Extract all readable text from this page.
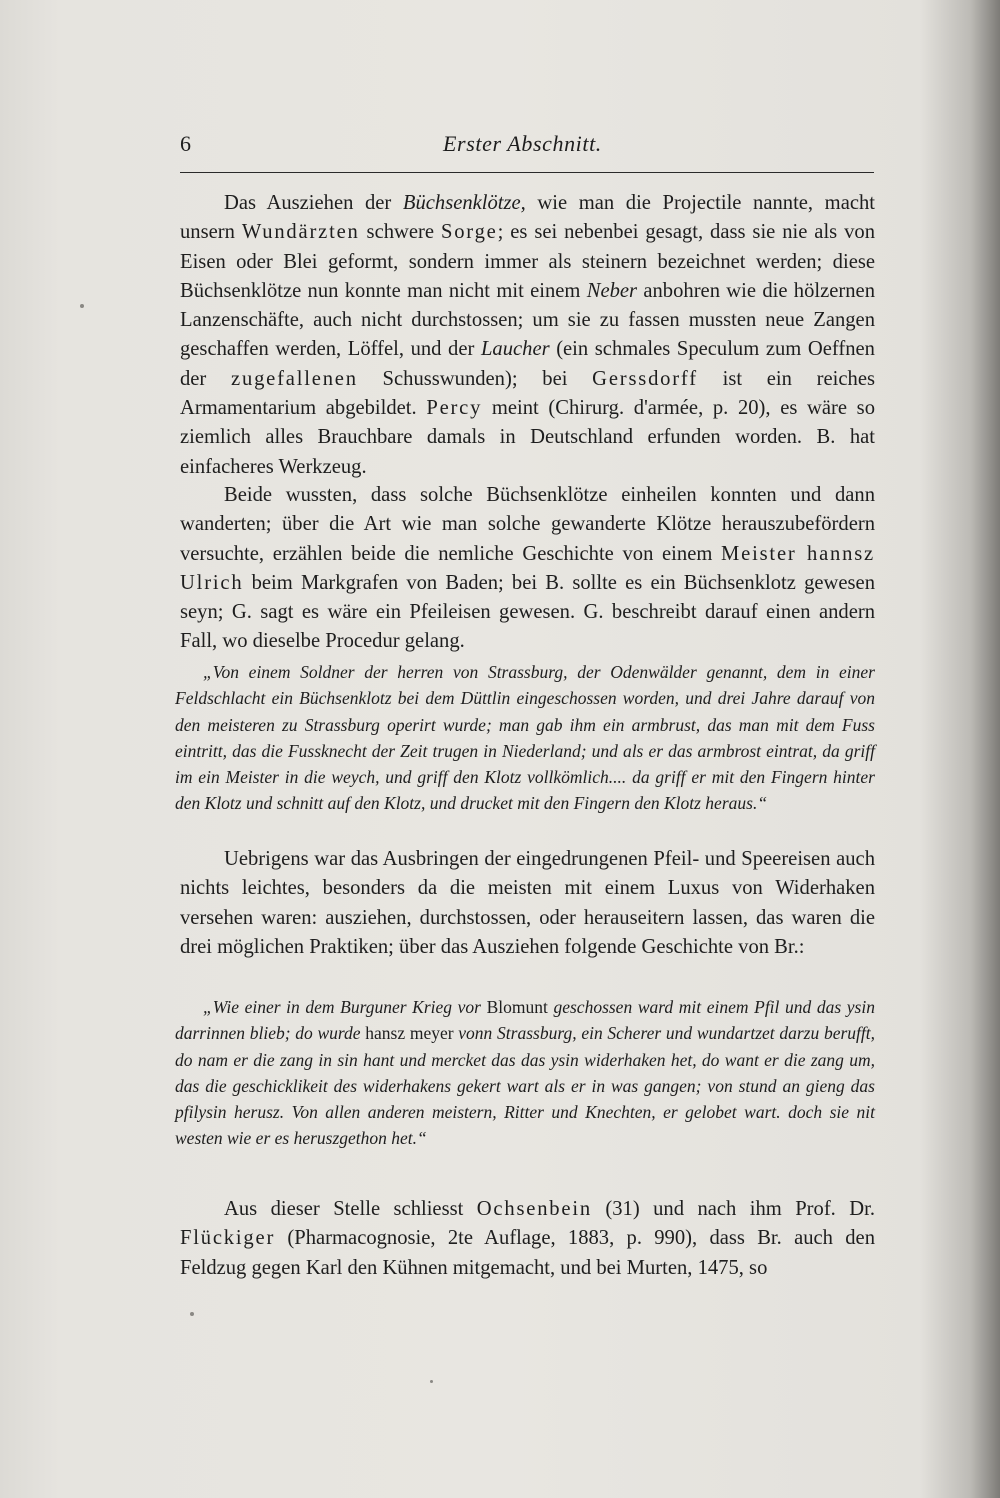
6	Erster Abschnitt.
Das Ausziehen der Büchsenklötze, wie man die Projectile nannte, macht unsern Wundärzten schwere Sorge; es sei nebenbei gesagt, dass sie nie als von Eisen oder Blei geformt, sondern immer als steinern bezeichnet werden; diese Büchsenklötze nun konnte man nicht mit einem Neber anbohren wie die hölzernen Lanzenschäfte, auch nicht durchstossen; um sie zu fassen mussten neue Zangen geschaffen werden, Löffel, und der Laucher (ein schmales Speculum zum Oeffnen der zugefallenen Schusswunden); bei Gerssdorff ist ein reiches Armamentarium abgebildet. Percy meint (Chirurg. d'armée, p. 20), es wäre so ziemlich alles Brauchbare damals in Deutschland erfunden worden. B. hat einfacheres Werkzeug.
Beide wussten, dass solche Büchsenklötze einheilen konnten und dann wanderten; über die Art wie man solche gewanderte Klötze herauszubefördern versuchte, erzählen beide die nemliche Geschichte von einem Meister hannsz Ulrich beim Markgrafen von Baden; bei B. sollte es ein Büchsenklotz gewesen seyn; G. sagt es wäre ein Pfeileisen gewesen. G. beschreibt darauf einen andern Fall, wo dieselbe Procedur gelang.
„Von einem Soldner der herren von Strassburg, der Odenwälder genannt, dem in einer Feldschlacht ein Büchsenklotz bei dem Düttlin eingeschossen worden, und drei Jahre darauf von den meisteren zu Strassburg operirt wurde; man gab ihm ein armbrust, das man mit dem Fuss eintritt, das die Fussknecht der Zeit trugen in Niederland; und als er das armbrost eintrat, da griff im ein Meister in die weych, und griff den Klotz vollkömlich.... da griff er mit den Fingern hinter den Klotz und schnitt auf den Klotz, und drucket mit den Fingern den Klotz heraus.“
Uebrigens war das Ausbringen der eingedrungenen Pfeil- und Speereisen auch nichts leichtes, besonders da die meisten mit einem Luxus von Widerhaken versehen waren: ausziehen, durchstossen, oder herauseitern lassen, das waren die drei möglichen Praktiken; über das Ausziehen folgende Geschichte von Br.:
„Wie einer in dem Burguner Krieg vor Blomunt geschossen ward mit einem Pfil und das ysin darrinnen blieb; do wurde hansz meyer vonn Strassburg, ein Scherer und wundartzet darzu berufft, do nam er die zang in sin hant und mercket das das ysin widerhaken het, do want er die zang um, das die geschicklikeit des widerhakens gekert wart als er in was gangen; von stund an gieng das pfilysin herusz. Von allen anderen meistern, Ritter und Knechten, er gelobet wart. doch sie nit westen wie er es heruszgethon het.“
Aus dieser Stelle schliesst Ochsenbein (31) und nach ihm Prof. Dr. Flückiger (Pharmacognosie, 2te Auflage, 1883, p. 990), dass Br. auch den Feldzug gegen Karl den Kühnen mitgemacht, und bei Murten, 1475, so
